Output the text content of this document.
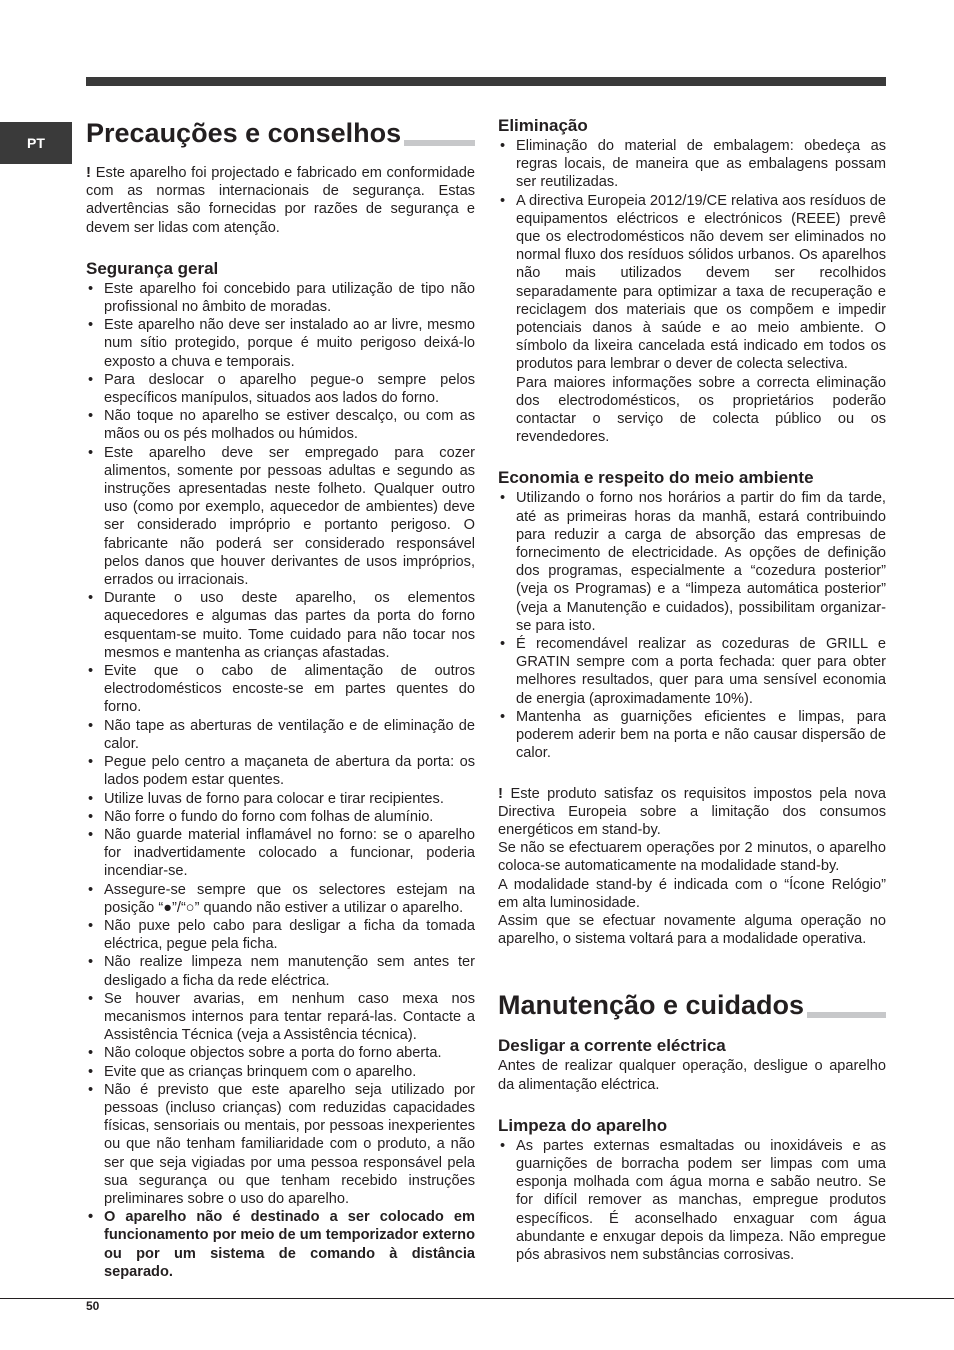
PT	Precauções e conselhos

! Este aparelho foi projectado e fabricado em conformidade com as normas internacionais de segurança. Estas advertências são fornecidas por razões de segurança e devem ser lidas com atenção.

Segurança geral
• Este aparelho foi concebido para utilização de tipo não profissional no âmbito de moradas.
• Este aparelho não deve ser instalado ao ar livre, mesmo num sítio protegido, porque é muito perigoso deixá-lo exposto a chuva e temporais.
• Para deslocar o aparelho pegue-o sempre pelos específicos manípulos, situados aos lados do forno.
• Não toque no aparelho se estiver descalço, ou com as mãos ou os pés molhados ou húmidos.
• Este aparelho deve ser empregado para cozer alimentos, somente por pessoas adultas e segundo as instruções apresentadas neste folheto. Qualquer outro uso (como por exemplo, aquecedor de ambientes) deve ser considerado impróprio e portanto perigoso. O fabricante não poderá ser considerado responsável pelos danos que houver derivantes de usos impróprios, errados ou irracionais.
• Durante o uso deste aparelho, os elementos aquecedores e algumas das partes da porta do forno esquentam-se muito. Tome cuidado para não tocar nos mesmos e mantenha as crianças afastadas.
• Evite que o cabo de alimentação de outros electrodomésticos encoste-se em partes quentes do forno.
• Não tape as aberturas de ventilação e de eliminação de calor.
• Pegue pelo centro a maçaneta de abertura da porta: os lados podem estar quentes.
• Utilize luvas de forno para colocar e tirar recipientes.
• Não forre o fundo do forno com folhas de alumínio.
• Não guarde material inflamável no forno: se o aparelho for inadvertidamente colocado a funcionar, poderia incendiar-se.
• Assegure-se sempre que os selectores estejam na posição “●”/“○” quando não estiver a utilizar o aparelho.
• Não puxe pelo cabo para desligar a ficha da tomada eléctrica, pegue pela ficha.
• Não realize limpeza nem manutenção sem antes ter desligado a ficha da rede eléctrica.
• Se houver avarias, em nenhum caso mexa nos mecanismos internos para tentar repará-las. Contacte a Assistência Técnica (veja a Assistência técnica).
• Não coloque objectos sobre a porta do forno aberta.
• Evite que as crianças brinquem com o aparelho.
• Não é previsto que este aparelho seja utilizado por pessoas (incluso crianças) com reduzidas capacidades físicas, sensoriais ou mentais, por pessoas inexperientes ou que não tenham familiaridade com o produto, a não ser que seja vigiadas por uma pessoa responsável pela sua segurança ou que tenham recebido instruções preliminares sobre o uso do aparelho.
• O aparelho não é destinado a ser colocado em funcionamento por meio de um temporizador externo ou por um sistema de comando à distância separado.
Eliminação
• Eliminação do material de embalagem: obedeça as regras locais, de maneira que as embalagens possam ser reutilizadas.
• A directiva Europeia 2012/19/CE relativa aos resíduos de equipamentos eléctricos e electrónicos (REEE) prevê que os electrodomésticos não devem ser eliminados no normal fluxo dos resíduos sólidos urbanos. Os aparelhos não mais utilizados devem ser recolhidos separadamente para optimizar a taxa de recuperação e reciclagem dos materiais que os compõem e impedir potenciais danos à saúde e ao meio ambiente. O símbolo da lixeira cancelada está indicado em todos os produtos para lembrar o dever de colecta selectiva.

Para maiores informações sobre a correcta eliminação dos electrodomésticos, os proprietários poderão contactar o serviço de colecta público ou os revendedores.

Economia e respeito do meio ambiente
• Utilizando o forno nos horários a partir do fim da tarde, até as primeiras horas da manhã, estará contribuindo para reduzir a carga de absorção das empresas de fornecimento de electricidade. As opções de definição dos programas, especialmente a “cozedura posterior” (veja os Programas) e a “limpeza automática posterior” (veja a Manutenção e cuidados), possibilitam organizar-se para isto.
• É recomendável realizar as cozeduras de GRILL e GRATIN sempre com a porta fechada: quer para obter melhores resultados, quer para uma sensível economia de energia (aproximadamente 10%).
• Mantenha as guarnições eficientes e limpas, para poderem aderir bem na porta e não causar dispersão de calor.

! Este produto satisfaz os requisitos impostos pela nova Directiva Europeia sobre a limitação dos consumos energéticos em stand-by.

Se não se efectuarem operações por 2 minutos, o aparelho coloca-se automaticamente na modalidade stand-by.

A modalidade stand-by é indicada com o “Ícone Relógio” em alta luminosidade.

Assim que se efectuar novamente alguma operação no aparelho, o sistema voltará para a modalidade operativa.

Manutenção e cuidados
Desligar a corrente eléctrica

Antes de realizar qualquer operação, desligue o aparelho da alimentação eléctrica.

Limpeza do aparelho
• As partes externas esmaltadas ou inoxidáveis e as guarnições de borracha podem ser limpas com uma esponja molhada com água morna e sabão neutro. Se for difícil remover as manchas, empregue produtos específicos. É aconselhado enxaguar com água abundante e enxugar depois da limpeza. Não empregue pós abrasivos nem substâncias corrosivas.
50
